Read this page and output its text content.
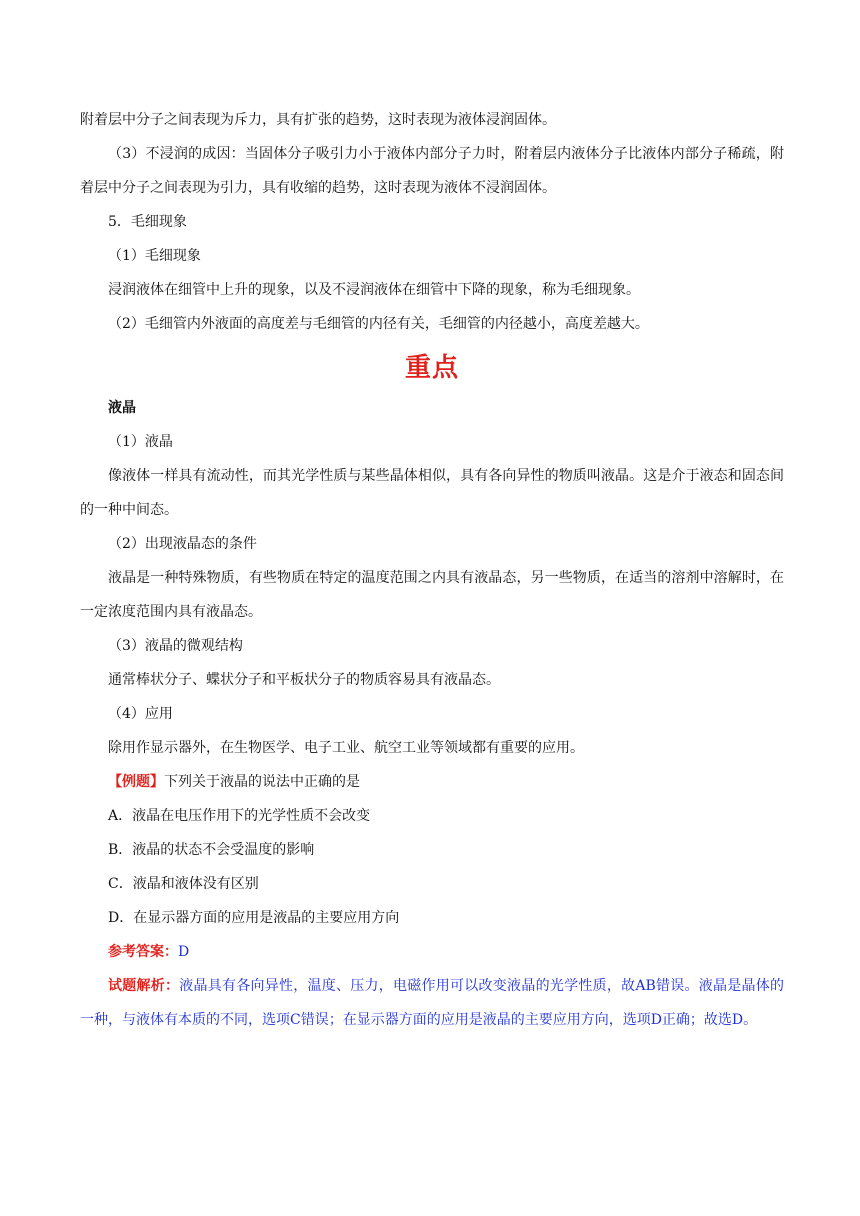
附着层中分子之间表现为斥力，具有扩张的趋势，这时表现为液体浸润固体。

（3）不浸润的成因：当固体分子吸引力小于液体内部分子力时，附着层内液体分子比液体内部分子稀疏，附着层中分子之间表现为引力，具有收缩的趋势，这时表现为液体不浸润固体。

5．毛细现象

（1）毛细现象

浸润液体在细管中上升的现象，以及不浸润液体在细管中下降的现象，称为毛细现象。

（2）毛细管内外液面的高度差与毛细管的内径有关，毛细管的内径越小，高度差越大。

重点

液晶

（1）液晶

像液体一样具有流动性，而其光学性质与某些晶体相似，具有各向异性的物质叫液晶。这是介于液态和固态间的一种中间态。

（2）出现液晶态的条件

液晶是一种特殊物质，有些物质在特定的温度范围之内具有液晶态，另一些物质，在适当的溶剂中溶解时，在一定浓度范围内具有液晶态。

（3）液晶的微观结构

通常棒状分子、蝶状分子和平板状分子的物质容易具有液晶态。

（4）应用

除用作显示器外，在生物医学、电子工业、航空工业等领域都有重要的应用。

【例题】下列关于液晶的说法中正确的是

A．液晶在电压作用下的光学性质不会改变

B．液晶的状态不会受温度的影响

C．液晶和液体没有区别

D．在显示器方面的应用是液晶的主要应用方向

参考答案：D

试题解析：液晶具有各向异性，温度、压力，电磁作用可以改变液晶的光学性质，故AB错误。液晶是晶体的一种，与液体有本质的不同，选项C错误；在显示器方面的应用是液晶的主要应用方向，选项D正确；故选D。
